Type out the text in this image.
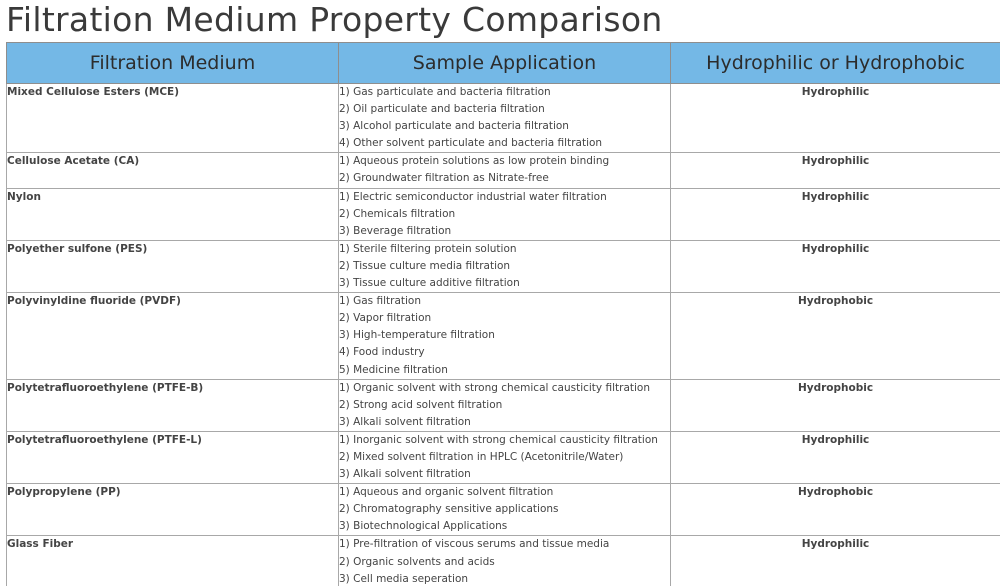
Filtration Medium Property Comparison
Filtration Medium	Sample Application	Hydrophilic or Hydrophobic

Mixed Cellulose Esters (MCE)	1) Gas particulate and bacteria filtration
2) Oil particulate and bacteria filtration
3) Alcohol particulate and bacteria filtration
4) Other solvent particulate and bacteria filtration	Hydrophilic

Cellulose Acetate (CA)	1) Aqueous protein solutions as low protein binding
2) Groundwater filtration as Nitrate-free	Hydrophilic

Nylon	1) Electric semiconductor industrial water filtration
2) Chemicals filtration
3) Beverage filtration	Hydrophilic

Polyether sulfone (PES)	1) Sterile filtering protein solution
2) Tissue culture media filtration
3) Tissue culture additive filtration	Hydrophilic

Polyvinyldine fluoride (PVDF)	1) Gas filtration
2) Vapor filtration
3) High-temperature filtration
4) Food industry
5) Medicine filtration	Hydrophobic

Polytetrafluoroethylene (PTFE-B)	1) Organic solvent with strong chemical causticity filtration
2) Strong acid solvent filtration
3) Alkali solvent filtration	Hydrophobic

Polytetrafluoroethylene (PTFE-L)	1) Inorganic solvent with strong chemical causticity filtration
2) Mixed solvent filtration in HPLC (Acetonitrile/Water)
3) Alkali solvent filtration	Hydrophilic

Polypropylene (PP)	1) Aqueous and organic solvent filtration
2) Chromatography sensitive applications
3) Biotechnological Applications	Hydrophobic

Glass Fiber	1) Pre-filtration of viscous serums and tissue media
2) Organic solvents and acids
3) Cell media seperation	Hydrophilic
